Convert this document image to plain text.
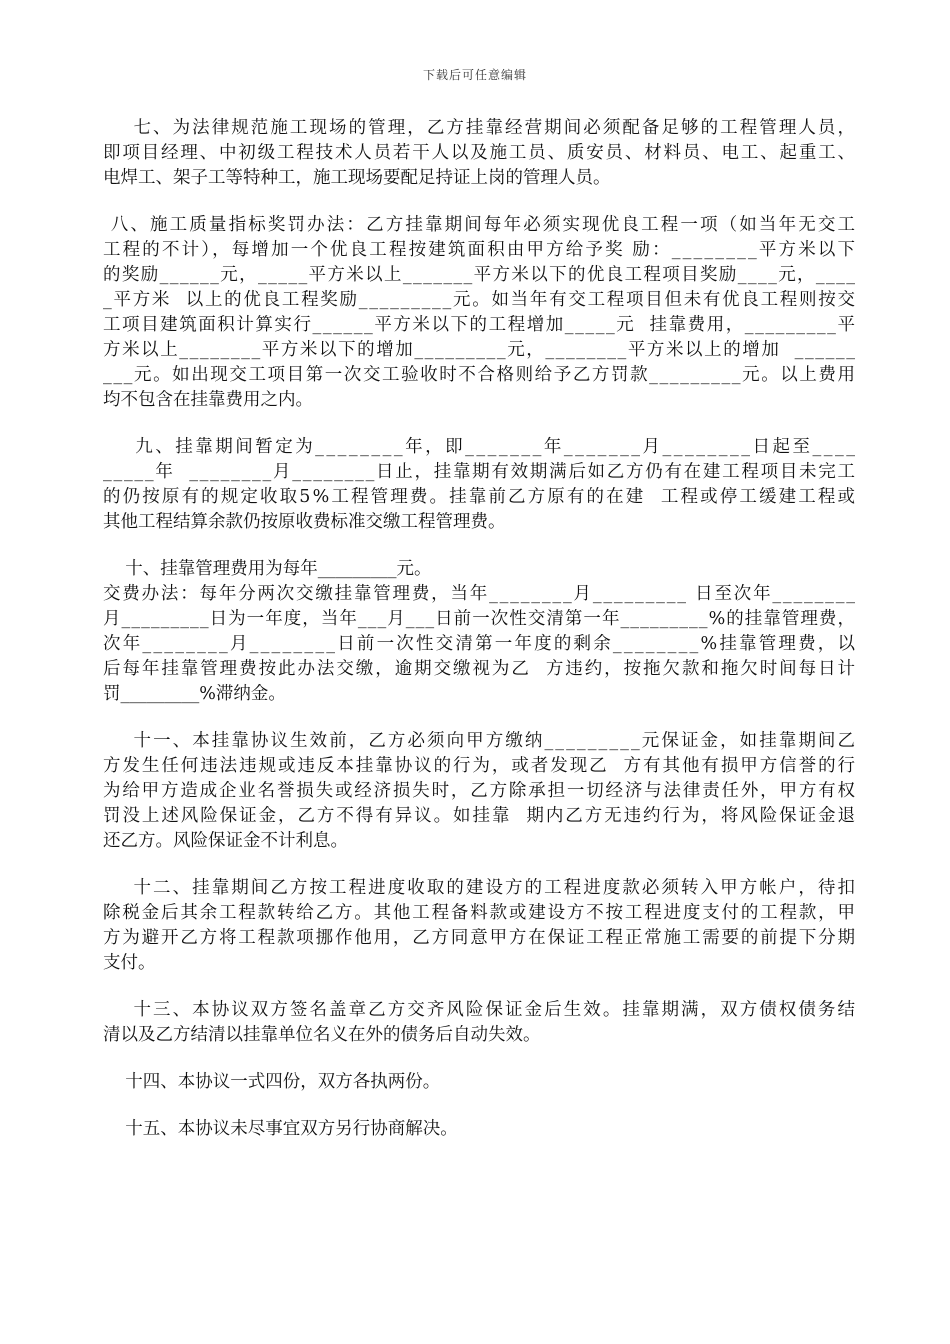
下载后可任意编辑
七、为法律规范施工现场的管理，乙方挂靠经营期间必须配备足够的工程管理人员，
即项目经理、中初级工程技术人员若干人以及施工员、质安员、材料员、电工、起重工、
电焊工、架子工等特种工，施工现场要配足持证上岗的管理人员。
八、施工质量指标奖罚办法：乙方挂靠期间每年必须实现优良工程一项（如当年无交工
工程的不计），每增加一个优良工程按建筑面积由甲方给予奖 励：________平方米以下
的奖励______元，_____平方米以上_______平方米以下的优良工程项目奖励____元，____
_平方米  以上的优良工程奖励_________元。如当年有交工程项目但未有优良工程则按交
工项目建筑面积计算实行______平方米以下的工程增加_____元  挂靠费用，_________平
方米以上________平方米以下的增加_________元，________平方米以上的增加  ______
___元。如出现交工项目第一次交工验收时不合格则给予乙方罚款_________元。以上费用
均不包含在挂靠费用之内。
九、挂靠期间暂定为________年，即_______年_______月________日起至____
_____年  ________月________日止，挂靠期有效期满后如乙方仍有在建工程项目未完工
的仍按原有的规定收取5%工程管理费。挂靠前乙方原有的在建  工程或停工缓建工程或
其他工程结算余款仍按原收费标准交缴工程管理费。
十、挂靠管理费用为每年_________元。
交费办法：每年分两次交缴挂靠管理费，当年________月_________ 日至次年________
月_________日为一年度，当年___月___日前一次性交清第一年_________%的挂靠管理费，
次年________月________日前一次性交清第一年度的剩余________%挂靠管理费，以
后每年挂靠管理费按此办法交缴，逾期交缴视为乙  方违约，按拖欠款和拖欠时间每日计
罚_________%滞纳金。
十一、本挂靠协议生效前，乙方必须向甲方缴纳_________元保证金，如挂靠期间乙
方发生任何违法违规或违反本挂靠协议的行为，或者发现乙  方有其他有损甲方信誉的行
为给甲方造成企业名誉损失或经济损失时，乙方除承担一切经济与法律责任外，甲方有权
罚没上述风险保证金，乙方不得有异议。如挂靠  期内乙方无违约行为，将风险保证金退
还乙方。风险保证金不计利息。
十二、挂靠期间乙方按工程进度收取的建设方的工程进度款必须转入甲方帐户，待扣
除税金后其余工程款转给乙方。其他工程备料款或建设方不按工程进度支付的工程款，甲
方为避开乙方将工程款项挪作他用，乙方同意甲方在保证工程正常施工需要的前提下分期
支付。
十三、本协议双方签名盖章乙方交齐风险保证金后生效。挂靠期满，双方债权债务结
清以及乙方结清以挂靠单位名义在外的债务后自动失效。
十四、本协议一式四份，双方各执两份。
十五、本协议未尽事宜双方另行协商解决。
